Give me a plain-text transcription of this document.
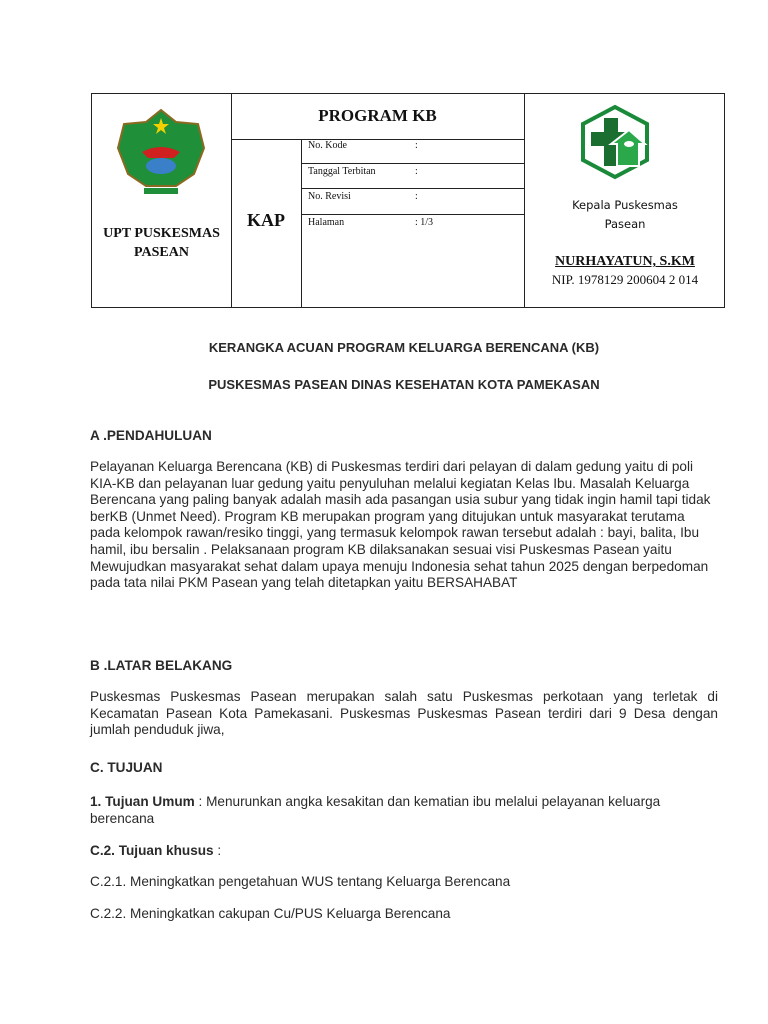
UPT PUSKESMAS
PASEAN
PROGRAM KB
KAP
No. Kode	:
Tanggal Terbitan	:
No. Revisi	:
Halaman	: 1/3
Kepala Puskesmas
Pasean
NURHAYATUN, S.KM
NIP. 1978129 200604 2 014
KERANGKA ACUAN PROGRAM KELUARGA BERENCANA (KB)
PUSKESMAS PASEAN DINAS KESEHATAN KOTA PAMEKASAN
A .PENDAHULUAN

Pelayanan Keluarga Berencana (KB) di Puskesmas terdiri dari pelayan di dalam gedung yaitu di poli KIA-KB dan pelayanan luar gedung yaitu penyuluhan melalui kegiatan Kelas Ibu. Masalah Keluarga Berencana yang paling banyak adalah masih ada pasangan usia subur yang tidak ingin hamil tapi tidak berKB (Unmet Need). Program KB merupakan program yang ditujukan untuk masyarakat terutama pada kelompok rawan/resiko tinggi, yang termasuk kelompok rawan tersebut adalah : bayi, balita, Ibu hamil, ibu bersalin . Pelaksanaan program KB dilaksanakan sesuai visi Puskesmas Pasean yaitu Mewujudkan masyarakat sehat dalam upaya menuju Indonesia sehat tahun 2025 dengan berpedoman pada tata nilai PKM Pasean yang telah ditetapkan yaitu BERSAHABAT

B .LATAR BELAKANG

Puskesmas Puskesmas Pasean merupakan salah satu Puskesmas perkotaan yang terletak di Kecamatan Pasean Kota Pamekasani. Puskesmas Puskesmas Pasean terdiri dari 9 Desa dengan jumlah penduduk jiwa,

C. TUJUAN

1. Tujuan Umum : Menurunkan angka kesakitan dan kematian ibu melalui pelayanan keluarga berencana

C.2. Tujuan khusus :

C.2.1. Meningkatkan pengetahuan WUS tentang Keluarga Berencana

C.2.2. Meningkatkan cakupan Cu/PUS Keluarga Berencana
